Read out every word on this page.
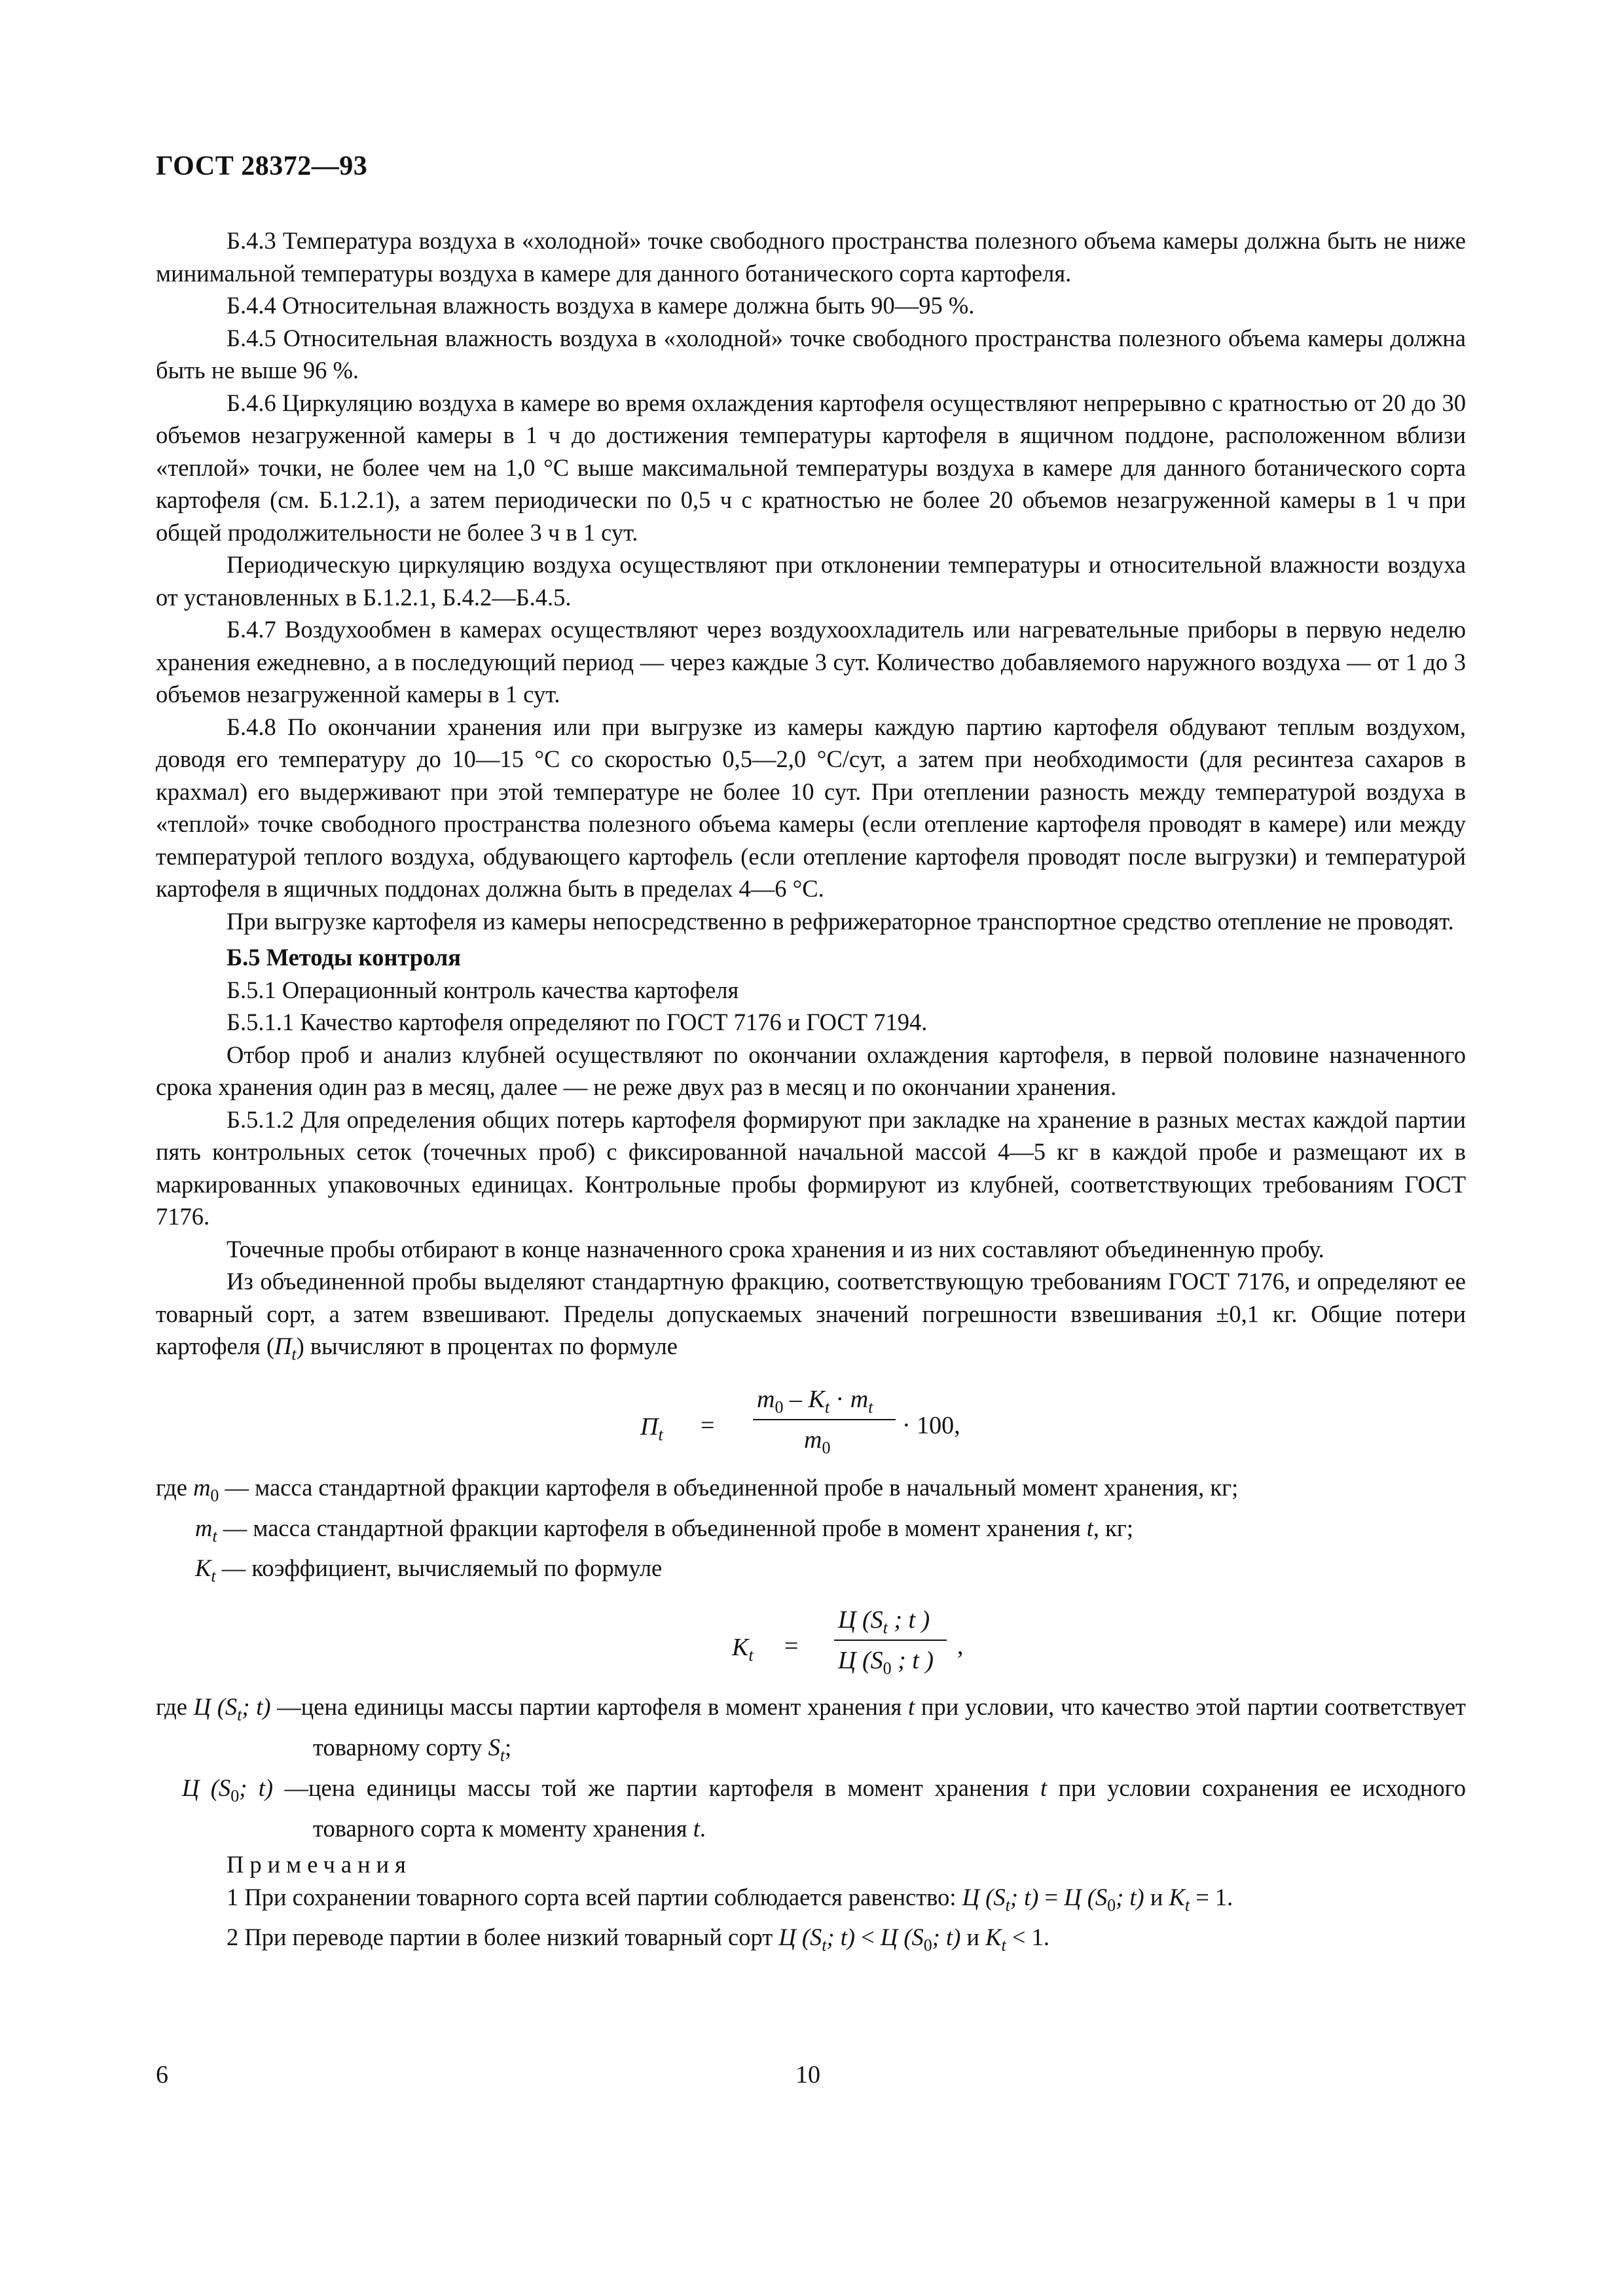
ГОСТ 28372—93

Б.4.3 Температура воздуха в «холодной» точке свободного пространства полезного объема камеры должна быть не ниже минимальной температуры воздуха в камере для данного ботанического сорта картофеля.

Б.4.4 Относительная влажность воздуха в камере должна быть 90—95 %.

Б.4.5 Относительная влажность воздуха в «холодной» точке свободного пространства полезного объема камеры должна быть не выше 96 %.

Б.4.6 Циркуляцию воздуха в камере во время охлаждения картофеля осуществляют непрерывно с кратностью от 20 до 30 объемов незагруженной камеры в 1 ч до достижения температуры картофеля в ящичном поддоне, расположенном вблизи «теплой» точки, не более чем на 1,0 °С выше максимальной температуры воздуха в камере для данного ботанического сорта картофеля (см. Б.1.2.1), а затем периодически по 0,5 ч с кратностью не более 20 объемов незагруженной камеры в 1 ч при общей продолжительности не более 3 ч в 1 сут.

Периодическую циркуляцию воздуха осуществляют при отклонении температуры и относительной влажности воздуха от установленных в Б.1.2.1, Б.4.2—Б.4.5.

Б.4.7 Воздухообмен в камерах осуществляют через воздухоохладитель или нагревательные приборы в первую неделю хранения ежедневно, а в последующий период — через каждые 3 сут. Количество добавляемого наружного воздуха — от 1 до 3 объемов незагруженной камеры в 1 сут.

Б.4.8 По окончании хранения или при выгрузке из камеры каждую партию картофеля обдувают теплым воздухом, доводя его температуру до 10—15 °С со скоростью 0,5—2,0 °С/сут, а затем при необходимости (для ресинтеза сахаров в крахмал) его выдерживают при этой температуре не более 10 сут. При отеплении разность между температурой воздуха в «теплой» точке свободного пространства полезного объема камеры (если отепление картофеля проводят в камере) или между температурой теплого воздуха, обдувающего картофель (если отепление картофеля проводят после выгрузки) и температурой картофеля в ящичных поддонах должна быть в пределах 4—6 °С.

При выгрузке картофеля из камеры непосредственно в рефрижераторное транспортное средство отепление не проводят.

Б.5 Методы контроля

Б.5.1 Операционный контроль качества картофеля

Б.5.1.1 Качество картофеля определяют по ГОСТ 7176 и ГОСТ 7194.

Отбор проб и анализ клубней осуществляют по окончании охлаждения картофеля, в первой половине назначенного срока хранения один раз в месяц, далее — не реже двух раз в месяц и по окончании хранения.

Б.5.1.2 Для определения общих потерь картофеля формируют при закладке на хранение в разных местах каждой партии пять контрольных сеток (точечных проб) с фиксированной начальной массой 4—5 кг в каждой пробе и размещают их в маркированных упаковочных единицах. Контрольные пробы формируют из клубней, соответствующих требованиям ГОСТ 7176.

Точечные пробы отбирают в конце назначенного срока хранения и из них составляют объединенную пробу.

Из объединенной пробы выделяют стандартную фракцию, соответствующую требованиям ГОСТ 7176, и определяют ее товарный сорт, а затем взвешивают. Пределы допускаемых значений погрешности взвешивания ±0,1 кг. Общие потери картофеля $(П_t)$ вычисляют в процентах по формуле

$П_t$ =
$m_0 - K_t \cdot m_t$
$m_0$
· 100,

где $m_0$ — масса стандартной фракции картофеля в объединенной пробе в начальный момент хранения, кг;

$m_t$ — масса стандартной фракции картофеля в объединенной пробе в момент хранения t, кг;

$K_t$ — коэффициент, вычисляемый по формуле

$K_t$ =
Ц ($S_t$ ; t )
Ц ($S_0$ ; t )
,

где Ц ($S_t$; t) —цена единицы массы партии картофеля в момент хранения t при условии, что качество этой партии соответствует товарному сорту $S_t$;

Ц ($S_0$; t) —цена единицы массы той же партии картофеля в момент хранения t при условии сохранения ее исходного товарного сорта к моменту хранения t.

Примечания

1 При сохранении товарного сорта всей партии соблюдается равенство: Ц ($S_t$; t) = Ц ($S_0$; t) и $K_t = 1$.

2 При переводе партии в более низкий товарный сорт Ц ($S_t$; t) < Ц ($S_0$; t) и $K_t < 1$.

6	10
